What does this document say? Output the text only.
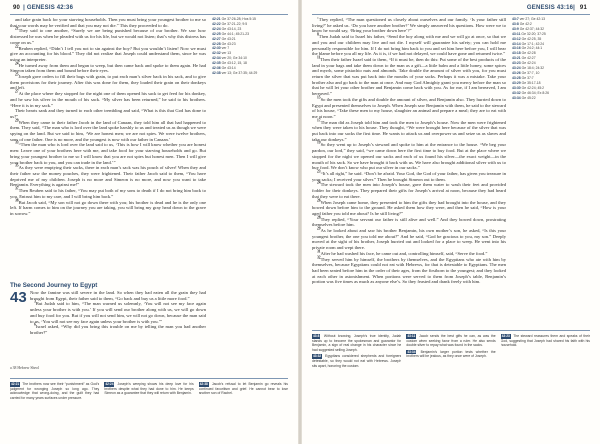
90 | GENESIS 42:36

and take grain back for your starving households. Then you must bring your youngest brother to me so that your words may be verified and that you may not die.” This they proceeded to do.

$^{21}$They said to one another, “Surely we are being punished because of our brother. We saw how distressed he was when he pleaded with us for his life, but we would not listen; that’s why this distress has come on us.”

$^{22}$Reuben replied, “Didn’t I tell you not to sin against the boy? But you wouldn’t listen! Now we must give an accounting for his blood.” They did not realize that Joseph could understand them, since he was using an interpreter.

$^{24}$He turned away from them and began to weep, but then came back and spoke to them again. He had Simeon taken from them and bound before their eyes.

$^{25}$Joseph gave orders to fill their bags with grain, to put each man’s silver back in his sack, and to give them provisions for their journey. After this was done for them, they loaded their grain on their donkeys and left.

$^{27}$At the place where they stopped for the night one of them opened his sack to get feed for his donkey, and he saw his silver in the mouth of his sack. “My silver has been returned,” he said to his brothers. “Here it is in my sack.”

Their hearts sank and they turned to each other trembling and said, “What is this that God has done to us?”

$^{29}$When they came to their father Jacob in the land of Canaan, they told him all that had happened to them. They said, “The man who is lord over the land spoke harshly to us and treated us as though we were spying on the land. But we said to him, ‘We are honest men; we are not spies. We were twelve brothers, sons of one father. One is no more, and the youngest is now with our father in Canaan.’

$^{33}$“Then the man who is lord over the land said to us, ‘This is how I will know whether you are honest men: Leave one of your brothers here with me, and take food for your starving households and go. But bring your youngest brother to me so I will know that you are not spies but honest men. Then I will give your brother back to you, and you can trade in the land.’”

$^{35}$As they were emptying their sacks, there in each man’s sack was his pouch of silver! When they and their father saw the money pouches, they were frightened. Their father Jacob said to them, “You have deprived me of my children. Joseph is no more and Simeon is no more, and now you want to take Benjamin. Everything is against me!”

$^{37}$Then Reuben said to his father, “You may put both of my sons to death if I do not bring him back to you. Entrust him to my care, and I will bring him back.”

$^{38}$But Jacob said, “My son will not go down there with you; his brother is dead and he is the only one left. If harm comes to him on the journey you are taking, you will bring my gray head down to the grave in sorrow.”

42:21 Ge 37:26-28; Hos 5:15
42:22 Ge 37:21-22; 9:5
42:24 Ge 43:14, 23
42:25 Ge 44:1; 45:21-23
42:27 Ge 43:21
42:28 Ge 43:23
42:30 ver 7
42:32 ver 13
42:34 ver 20; Ge 34:10
42:35 Ge 43:12, 15, 18
42:36 Ge 43:14
42:38 ver 13; Ge 37:35; 44:29
The Second Journey to Egypt
43 Now the famine was still severe in the land. So when they had eaten all the grain they had brought from Egypt, their father said to them, “Go back and buy us a little more food.”

$^3$But Judah said to him, “The man warned us solemnly, ‘You will not see my face again unless your brother is with you.’ If you will send our brother along with us, we will go down and buy food for you. But if you will not send him, we will not go down, because the man said to us, ‘You will not see my face again unless your brother is with you.’”

$^6$Israel asked, “Why did you bring this trouble on me by telling the man you had another brother?”

a 38 Hebrew Sheol

42:21 The brothers now see their “punishment” as God’s judgment for wronging Joseph so long ago. They acknowledge that wrong-doing, and the guilt they had carried for many years surfaces under pressure.

42:24 Joseph’s weeping shows his deep love for his brothers despite what they had done to him. He keeps Simeon as a guarantee that they will return with Benjamin.

42:38 Jacob’s refusal to let Benjamin go reveals his continued favoritism and grief. He cannot bear to lose another son of Rachel.

GENESIS 43:16| 91

$^7$They replied, “The man questioned us closely about ourselves and our family. ‘Is your father still living?’ he asked us. ‘Do you have another brother?’ We simply answered his questions. How were we to know he would say, ‘Bring your brother down here’?”

$^8$Then Judah said to Israel his father, “Send the boy along with me and we will go at once, so that we and you and our children may live and not die. I myself will guarantee his safety; you can hold me personally responsible for him. If I do not bring him back to you and set him here before you, I will bear the blame before you all my life. As it is, if we had not delayed, we could have gone and returned twice.”

$^{11}$Then their father Israel said to them, “If it must be, then do this: Put some of the best products of the land in your bags and take them down to the man as a gift—a little balm and a little honey, some spices and myrrh, some pistachio nuts and almonds. Take double the amount of silver with you, for you must return the silver that was put back into the mouths of your sacks. Perhaps it was a mistake. Take your brother also and go back to the man at once. And may God Almighty grant you mercy before the man so that he will let your other brother and Benjamin come back with you. As for me, if I am bereaved, I am bereaved.”

$^{15}$So the men took the gifts and double the amount of silver, and Benjamin also. They hurried down to Egypt and presented themselves to Joseph. When Joseph saw Benjamin with them, he said to the steward of his house, “Take these men to my house, slaughter an animal and prepare a meal; they are to eat with me at noon.”

$^{17}$The man did as Joseph told him and took the men to Joseph’s house. Now the men were frightened when they were taken to his house. They thought, “We were brought here because of the silver that was put back into our sacks the first time. He wants to attack us and overpower us and seize us as slaves and take our donkeys.”

$^{19}$So they went up to Joseph’s steward and spoke to him at the entrance to the house. “We beg your pardon, our lord,” they said, “we came down here the first time to buy food. But at the place where we stopped for the night we opened our sacks and each of us found his silver—the exact weight—in the mouth of his sack. So we have brought it back with us. We have also brought additional silver with us to buy food. We don’t know who put our silver in our sacks.”

$^{23}$“It’s all right,” he said. “Don’t be afraid. Your God, the God of your father, has given you treasure in your sacks; I received your silver.” Then he brought Simeon out to them.

$^{24}$The steward took the men into Joseph’s house, gave them water to wash their feet and provided fodder for their donkeys. They prepared their gifts for Joseph’s arrival at noon, because they had heard that they were to eat there.

$^{26}$When Joseph came home, they presented to him the gifts they had brought into the house, and they bowed down before him to the ground. He asked them how they were, and then he said, “How is your aged father you told me about? Is he still living?”

$^{28}$They replied, “Your servant our father is still alive and well.” And they bowed down, prostrating themselves before him.

$^{29}$As he looked about and saw his brother Benjamin, his own mother’s son, he asked, “Is this your youngest brother, the one you told me about?” And he said, “God be gracious to you, my son.” Deeply moved at the sight of his brother, Joseph hurried out and looked for a place to weep. He went into his private room and wept there.

$^{31}$After he had washed his face, he came out and, controlling himself, said, “Serve the food.”

$^{32}$They served him by himself, the brothers by themselves, and the Egyptians who ate with him by themselves, because Egyptians could not eat with Hebrews, for that is detestable to Egyptians. The men had been seated before him in the order of their ages, from the firstborn to the youngest; and they looked at each other in astonishment. When portions were served to them from Joseph’s table, Benjamin’s portion was five times as much as anyone else’s. So they feasted and drank freely with him.

43:7 ver 27; Ge 42:13
43:8 Ge 42:2
43:9 Ge 42:37; 44:32
43:11 Ge 32:20; 37:25
43:12 Ge 42:25, 35
43:14 Ge 17:1; 42:24
43:16 Ge 24:2; 44:1
43:18 Ge 42:28
43:21 Ge 42:27
43:23 Ge 42:24
43:24 Ge 18:4; 24:32
43:26 Ge 37:7, 10
43:28 Ge 37:7
43:29 Ge 35:17-18
43:30 Ge 42:24; 45:2
43:32 Ge 46:34; Ex 8:26
43:34 Ge 45:22

43:8 Without knowing, Joseph’s true identity, Judah stands up to become the spokesman and guarantor for Benjamin, a sign of real change in his character since he had suggested selling Joseph.

43:32 Egyptians considered shepherds and foreigners detestable, so they would not eat with Hebrews. Joseph sits apart, honoring the custom.

43:11 Jacob sends the best gifts he can, as was the custom when seeking favor from a ruler. He also sends double silver to repay what was found in the sacks.

43:34 Benjamin’s larger portion tests whether the brothers will be jealous, as they once were of Joseph.

43:23 The steward reassures them and speaks of their God, suggesting that Joseph had shared his faith with his household.
